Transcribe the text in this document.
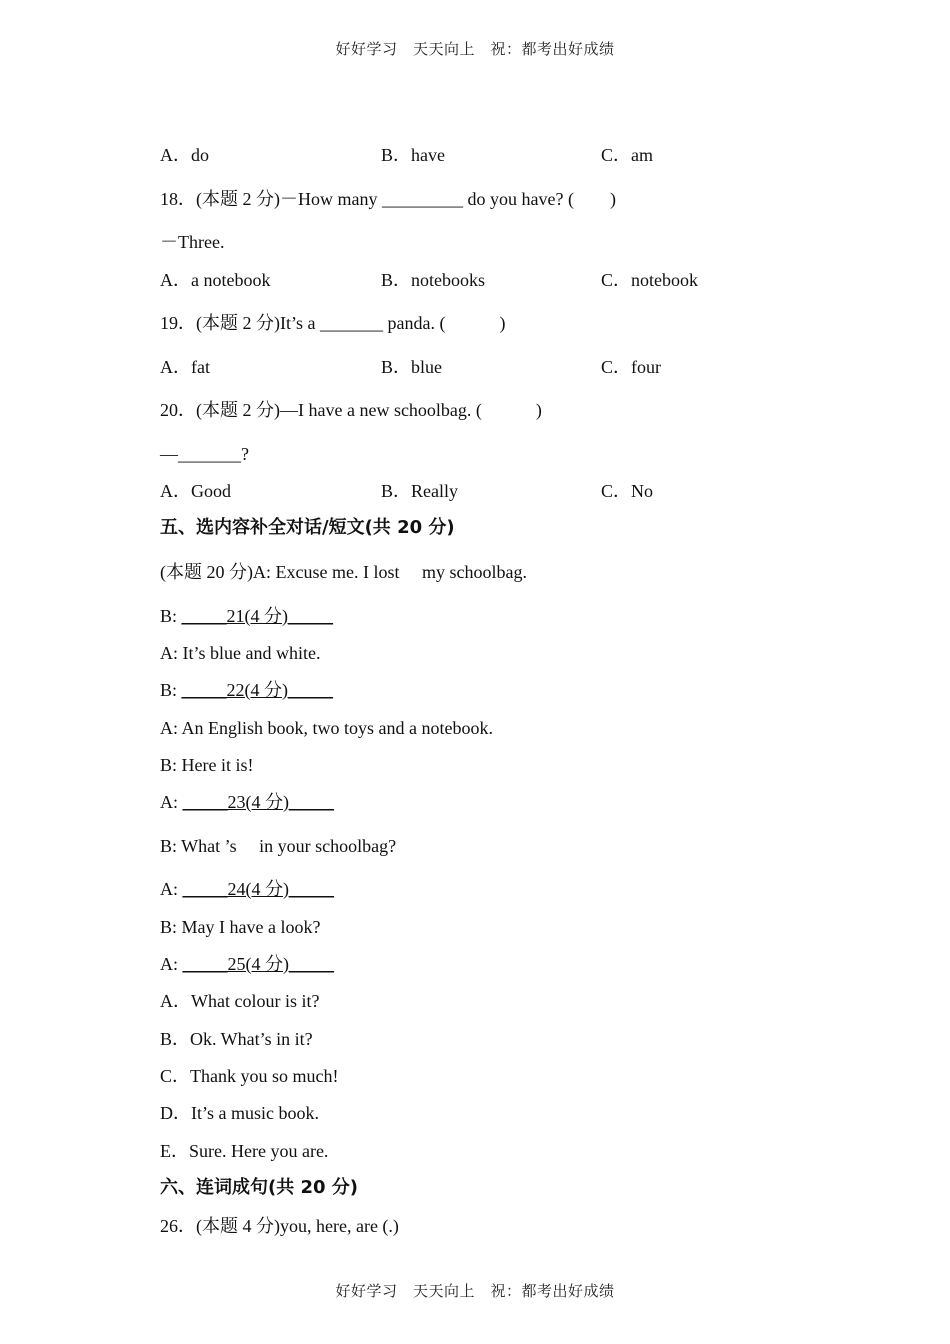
好好学习　天天向上　祝：都考出好成绩
A．do	B．have	C．am
18．(本题 2 分)－How many _________ do you have? (　　)
－Three.
A．a notebook	B．notebooks	C．notebook
19．(本题 2 分)It’s a _______ panda. (　　　)
A．fat	B．blue	C．four
20．(本题 2 分)—I have a new schoolbag. (　　　)
—_______?
A．Good	B．Really	C．No
五、选内容补全对话/短文(共 20 分)
(本题 20 分)A: Excuse me. I lost　 my schoolbag.
B: _____21(4 分)_____
A: It’s blue and white.
B: _____22(4 分)_____
A: An English book, two toys and a notebook.
B: Here it is!
A: _____23(4 分)_____
B: What ’s　 in your schoolbag?
A: _____24(4 分)_____
B: May I have a look?
A: _____25(4 分)_____
A．What colour is it?
B．Ok. What’s in it?
C．Thank you so much!
D．It’s a music book.
E．Sure. Here you are.
六、连词成句(共 20 分)
26．(本题 4 分)you, here, are (.)
好好学习　天天向上　祝：都考出好成绩
